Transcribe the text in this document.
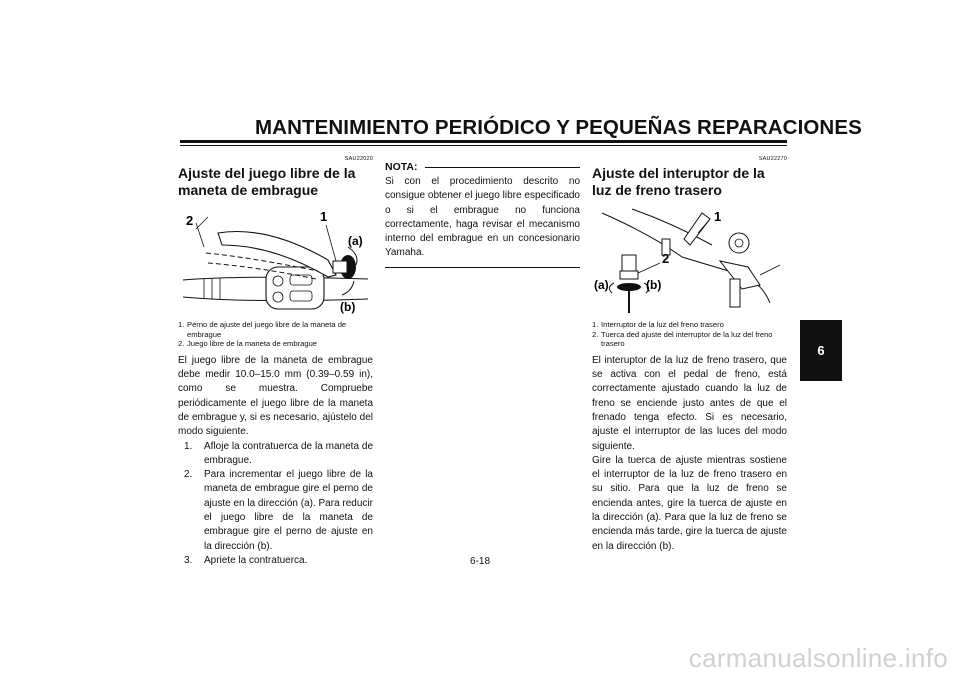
MANTENIMIENTO PERIÓDICO Y PEQUEÑAS REPARACIONES
6
SAU22020
Ajuste del juego libre de la maneta de embrague
2	1
(a)
(b)
1. Perno de ajuste del juego libre de la maneta de embrague
2. Juego libre de la maneta de embrague

El juego libre de la maneta de embrague debe medir 10.0–15.0 mm (0.39–0.59 in), como se muestra. Compruebe periódicamente el juego libre de la maneta de embrague y, si es necesario, ajústelo del modo siguiente.

1.	Afloje la contratuerca de la maneta de embrague.
2.	Para incrementar el juego libre de la maneta de embrague gire el perno de ajuste en la dirección (a). Para reducir el juego libre de la maneta de embrague gire el perno de ajuste en la dirección (b).
3.	Apriete la contratuerca.
NOTA:
Si con el procedimiento descrito no consigue obtener el juego libre especificado o si el embrague no funciona correctamente, haga revisar el mecanismo interno del embrague en un concesionario Yamaha.
SAU22270
Ajuste del interuptor de la luz de freno trasero
1
2
(a)	(b)
1. Interruptor de la luz del freno trasero
2. Tuerca ded ajuste del interruptor de la luz del freno trasero

El interuptor de la luz de freno trasero, que se activa con el pedal de freno, está correctamente ajustado cuando la luz de freno se enciende justo antes de que el frenado tenga efecto. Si es necesario, ajuste el interruptor de las luces del modo siguiente.

Gire la tuerca de ajuste mientras sostiene el interruptor de la luz de freno trasero en su sitio. Para que la luz de freno se encienda antes, gire la tuerca de ajuste en la dirección (a). Para que la luz de freno se encienda más tarde, gire la tuerca de ajuste en la dirección (b).

6-18
carmanualsonline.info
